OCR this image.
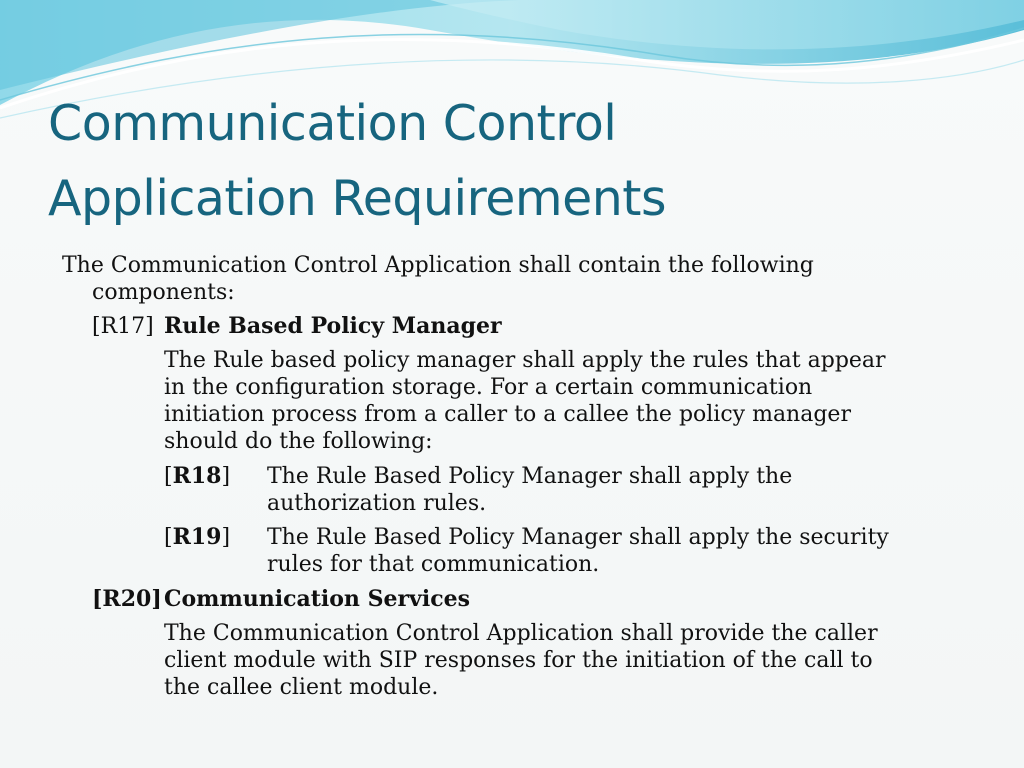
Communication Control
Application Requirements
The Communication Control Application shall contain the following
components:
[R17] Rule Based Policy Manager
The Rule based policy manager shall apply the rules that appear
in the configuration storage. For a certain communication
initiation process from a caller to a callee the policy manager
should do the following:
[R18] The Rule Based Policy Manager shall apply the
authorization rules.
[R19] The Rule Based Policy Manager shall apply the security
rules for that communication.
[R20] Communication Services
The Communication Control Application shall provide the caller
client module with SIP responses for the initiation of the call to
the callee client module.
